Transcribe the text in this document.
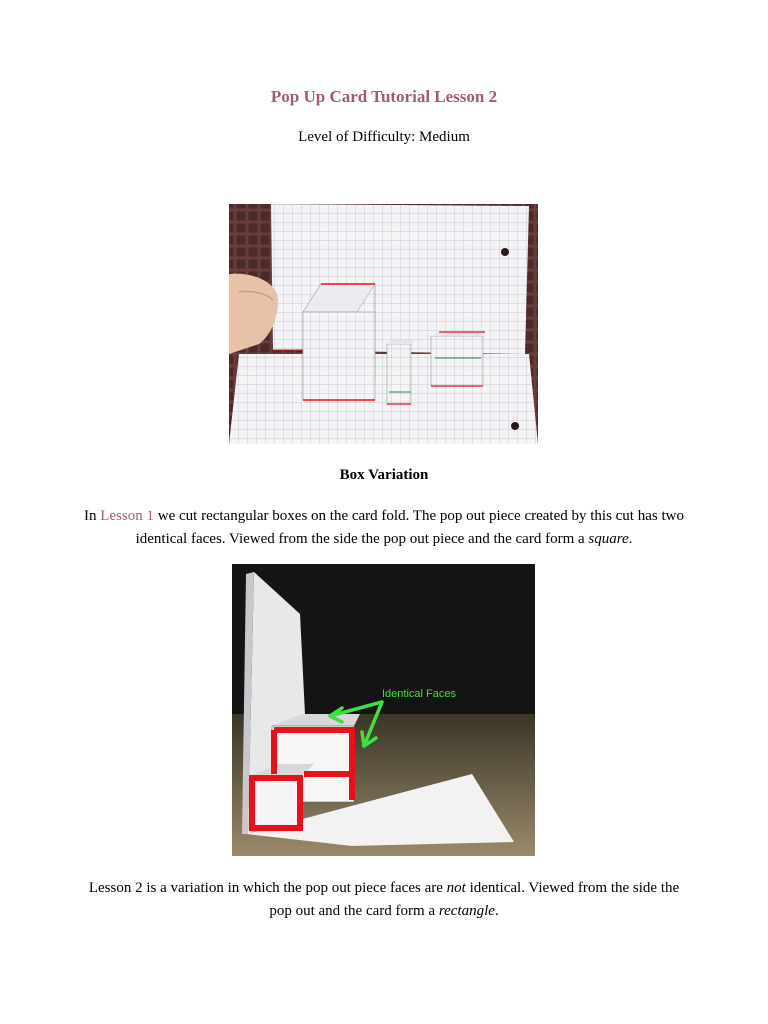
Pop Up Card Tutorial Lesson 2

Level of Difficulty: Medium

Box Variation

In Lesson 1 we cut rectangular boxes on the card fold. The pop out piece created by this cut has two identical faces. Viewed from the side the pop out piece and the card form a square.

Identical Faces

Lesson 2 is a variation in which the pop out piece faces are not identical. Viewed from the side the pop out and the card form a rectangle.
